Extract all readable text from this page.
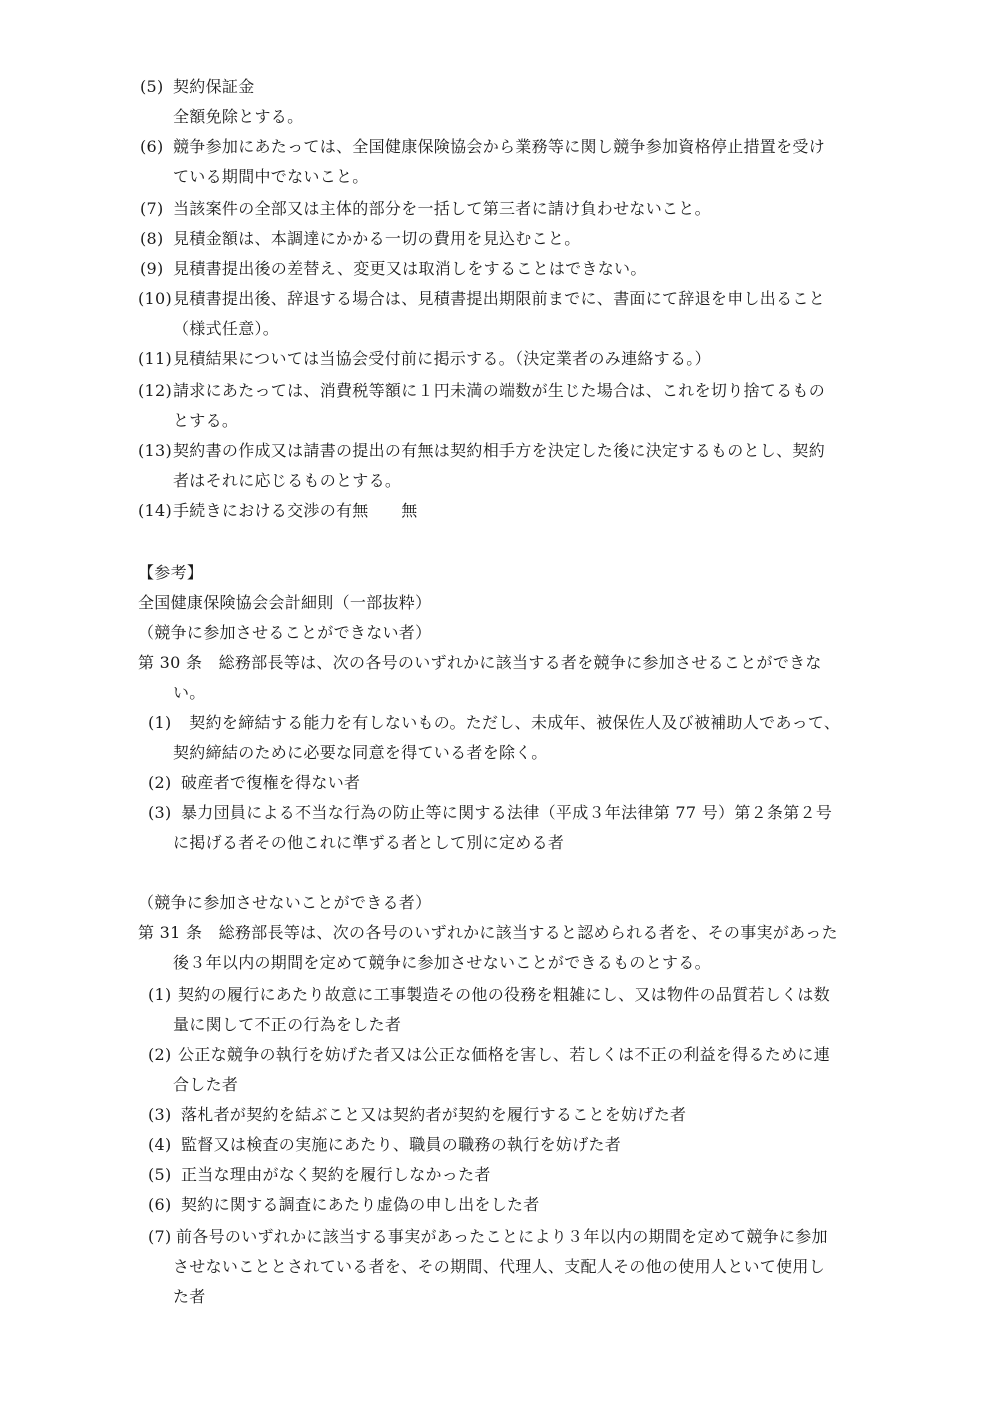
(5) 契約保証金
全額免除とする。
(6) 競争参加にあたっては、全国健康保険協会から業務等に関し競争参加資格停止措置を受け
ている期間中でないこと。
(7) 当該案件の全部又は主体的部分を一括して第三者に請け負わせないこと。
(8) 見積金額は、本調達にかかる一切の費用を見込むこと。
(9) 見積書提出後の差替え、変更又は取消しをすることはできない。
(10) 見積書提出後、辞退する場合は、見積書提出期限前までに、書面にて辞退を申し出ること
（様式任意）。
(11) 見積結果については当協会受付前に掲示する。（決定業者のみ連絡する。）
(12) 請求にあたっては、消費税等額に１円未満の端数が生じた場合は、これを切り捨てるもの
とする。
(13) 契約書の作成又は請書の提出の有無は契約相手方を決定した後に決定するものとし、契約
者はそれに応じるものとする。
(14) 手続きにおける交渉の有無　　無
【参考】
全国健康保険協会会計細則（一部抜粋）
（競争に参加させることができない者）
第 30 条　総務部長等は、次の各号のいずれかに該当する者を競争に参加させることができな
い。
(1) 　契約を締結する能力を有しないもの。ただし、未成年、被保佐人及び被補助人であって、
契約締結のために必要な同意を得ている者を除く。
(2) 破産者で復権を得ない者
(3) 暴力団員による不当な行為の防止等に関する法律（平成３年法律第 77 号）第２条第２号
に掲げる者その他これに準ずる者として別に定める者
（競争に参加させないことができる者）
第 31 条　総務部長等は、次の各号のいずれかに該当すると認められる者を、その事実があった
後３年以内の期間を定めて競争に参加させないことができるものとする。
(1) 契約の履行にあたり故意に工事製造その他の役務を粗雑にし、又は物件の品質若しくは数
量に関して不正の行為をした者
(2) 公正な競争の執行を妨げた者又は公正な価格を害し、若しくは不正の利益を得るために連
合した者
(3) 落札者が契約を結ぶこと又は契約者が契約を履行することを妨げた者
(4) 監督又は検査の実施にあたり、職員の職務の執行を妨げた者
(5) 正当な理由がなく契約を履行しなかった者
(6) 契約に関する調査にあたり虚偽の申し出をした者
(7) 前各号のいずれかに該当する事実があったことにより３年以内の期間を定めて競争に参加
させないこととされている者を、その期間、代理人、支配人その他の使用人といて使用し
た者
